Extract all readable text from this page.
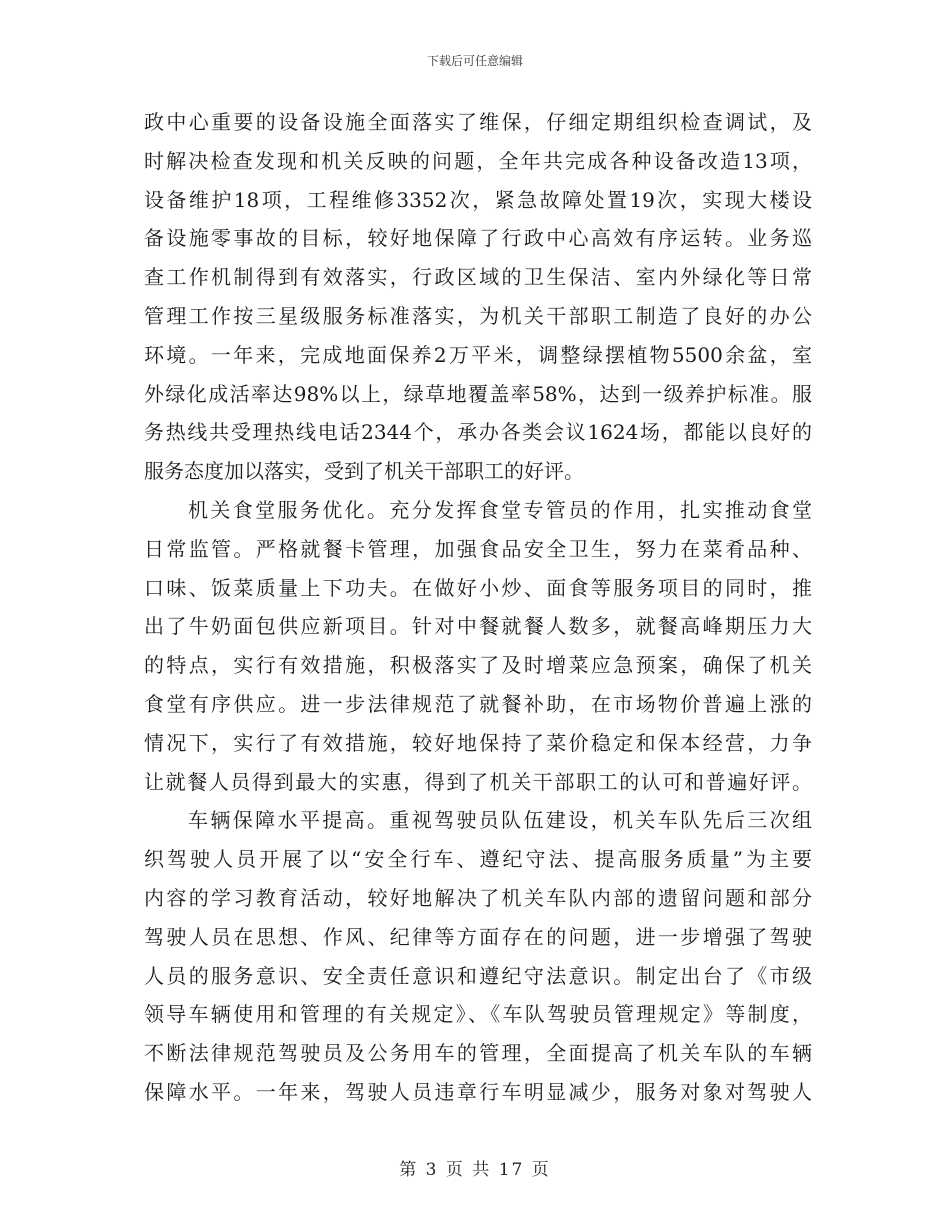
下载后可任意编辑
政中心重要的设备设施全面落实了维保，仔细定期组织检查调试，及
时解决检查发现和机关反映的问题，全年共完成各种设备改造13项，
设备维护18项，工程维修3352次，紧急故障处置19次，实现大楼设
备设施零事故的目标，较好地保障了行政中心高效有序运转。业务巡
查工作机制得到有效落实，行政区域的卫生保洁、室内外绿化等日常
管理工作按三星级服务标准落实，为机关干部职工制造了良好的办公
环境。一年来，完成地面保养2万平米，调整绿摆植物5500余盆，室
外绿化成活率达98%以上，绿草地覆盖率58%，达到一级养护标准。服
务热线共受理热线电话2344个，承办各类会议1624场，都能以良好的
服务态度加以落实，受到了机关干部职工的好评。
机关食堂服务优化。充分发挥食堂专管员的作用，扎实推动食堂
日常监管。严格就餐卡管理，加强食品安全卫生，努力在菜肴品种、
口味、饭菜质量上下功夫。在做好小炒、面食等服务项目的同时，推
出了牛奶面包供应新项目。针对中餐就餐人数多，就餐高峰期压力大
的特点，实行有效措施，积极落实了及时增菜应急预案，确保了机关
食堂有序供应。进一步法律规范了就餐补助，在市场物价普遍上涨的
情况下，实行了有效措施，较好地保持了菜价稳定和保本经营，力争
让就餐人员得到最大的实惠，得到了机关干部职工的认可和普遍好评。
车辆保障水平提高。重视驾驶员队伍建设，机关车队先后三次组
织驾驶人员开展了以“安全行车、遵纪守法、提高服务质量”为主要
内容的学习教育活动，较好地解决了机关车队内部的遗留问题和部分
驾驶人员在思想、作风、纪律等方面存在的问题，进一步增强了驾驶
人员的服务意识、安全责任意识和遵纪守法意识。制定出台了《市级
领导车辆使用和管理的有关规定》、《车队驾驶员管理规定》等制度，
不断法律规范驾驶员及公务用车的管理，全面提高了机关车队的车辆
保障水平。一年来，驾驶人员违章行车明显减少，服务对象对驾驶人
第 3 页 共 17 页
